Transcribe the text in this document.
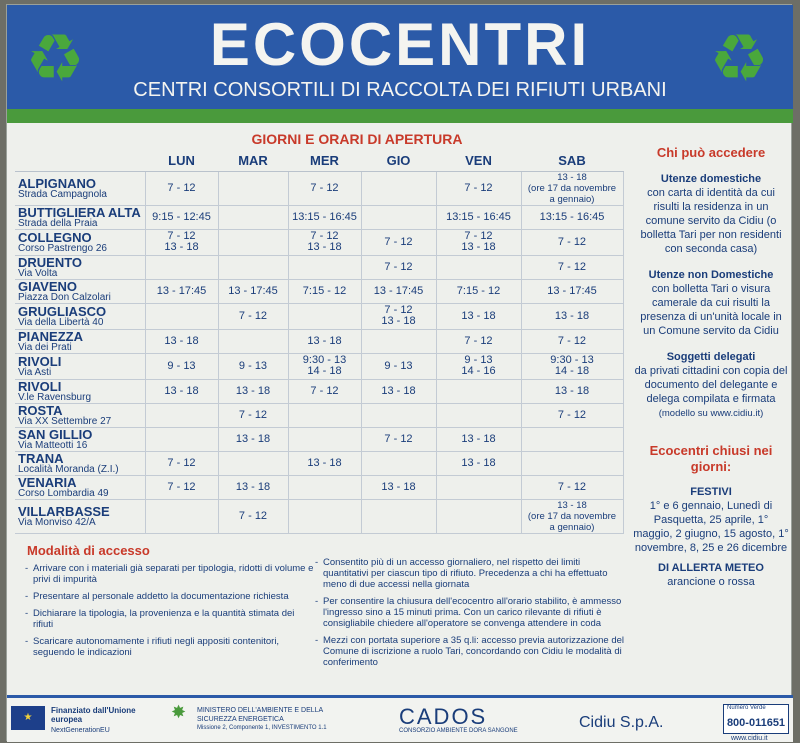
♻	ECOCENTRI
CENTRI CONSORTILI DI RACCOLTA DEI RIFIUTI URBANI ♻
GIORNI E ORARI DI APERTURA
	LUN	MAR	MER	GIO	VEN	SAB

ALPIGNANO
Strada Campagnola	7 - 12		7 - 12		7 - 12	13 - 18
(ore 17 da novembre
a gennaio)

BUTTIGLIERA ALTA
Strada della Praia	9:15 - 12:45		13:15 - 16:45		13:15 - 16:45	13:15 - 16:45

COLLEGNO
Corso Pastrengo 26	7 - 12
13 - 18		7 - 12
13 - 18	7 - 12	7 - 12
13 - 18	7 - 12

DRUENTO
Via Volta				7 - 12		7 - 12

GIAVENO
Piazza Don Calzolari	13 - 17:45	13 - 17:45	7:15 - 12	13 - 17:45	7:15 - 12	13 - 17:45

GRUGLIASCO
Via della Libertà 40		7 - 12		7 - 12
13 - 18	13 - 18	13 - 18

PIANEZZA
Via dei Prati	13 - 18		13 - 18		7 - 12	7 - 12

RIVOLI
Via Asti	9 - 13	9 - 13	9:30 - 13
14 - 18	9 - 13	9 - 13
14 - 16	9:30 - 13
14 - 18

RIVOLI
V.le Ravensburg	13 - 18	13 - 18	7 - 12	13 - 18		13 - 18

ROSTA
Via XX Settembre 27		7 - 12				7 - 12

SAN GILLIO
Via Matteotti 16		13 - 18		7 - 12	13 - 18	

TRANA
Località Moranda (Z.I.)	7 - 12		13 - 18		13 - 18	

VENARIA
Corso Lombardia 49	7 - 12	13 - 18		13 - 18		7 - 12

VILLARBASSE
Via Monviso 42/A		7 - 12				13 - 18
(ore 17 da novembre
a gennaio)
Chi può accedere
Utenze domestiche
con carta di identità da cui risulti la residenza in un comune servito da Cidiu (o bolletta Tari per non residenti con seconda casa)
Utenze non Domestiche
con bolletta Tari o visura camerale da cui risulti la presenza di un'unità locale in un Comune servito da Cidiu
Soggetti delegati
da privati cittadini con copia del documento del delegante e delega compilata e firmata
(modello su www.cidiu.it)
Ecocentri chiusi nei giorni:
FESTIVI
1° e 6 gennaio, Lunedì di Pasquetta, 25 aprile, 1° maggio, 2 giugno, 15 agosto, 1° novembre, 8, 25 e 26 dicembre
DI ALLERTA METEO
arancione o rossa
Modalità di accesso
- Arrivare con i materiali già separati per tipologia, ridotti di volume e privi di impurità
- Presentare al personale addetto la documentazione richiesta
- Dichiarare la tipologia, la provenienza e la quantità stimata dei rifiuti
- Scaricare autonomamente i rifiuti negli appositi contenitori, seguendo le indicazioni
- Consentito più di un accesso giornaliero, nel rispetto dei limiti quantitativi per ciascun tipo di rifiuto. Precedenza a chi ha effettuato meno di due accessi nella giornata
- Per consentire la chiusura dell'ecocentro all'orario stabilito, è ammesso l'ingresso sino a 15 minuti prima. Con un carico rilevante di rifiuti è consigliabile chiedere all'operatore se convenga attendere in coda
- Mezzi con portata superiore a 35 q.li: accesso previa autorizzazione del Comune di iscrizione a ruolo Tari, concordando con Cidiu le modalità di conferimento
★
Finanziato dall'Unione europea
NextGenerationEU
✸ MINISTERO DELL'AMBIENTE E DELLA SICUREZZA ENERGETICA
Missione 2, Componente 1, INVESTIMENTO 1.1	CADOS
CONSORZIO AMBIENTE DORA SANGONE	Cidiu S.p.A.	800-011651
Numero Verde
www.cidiu.it
